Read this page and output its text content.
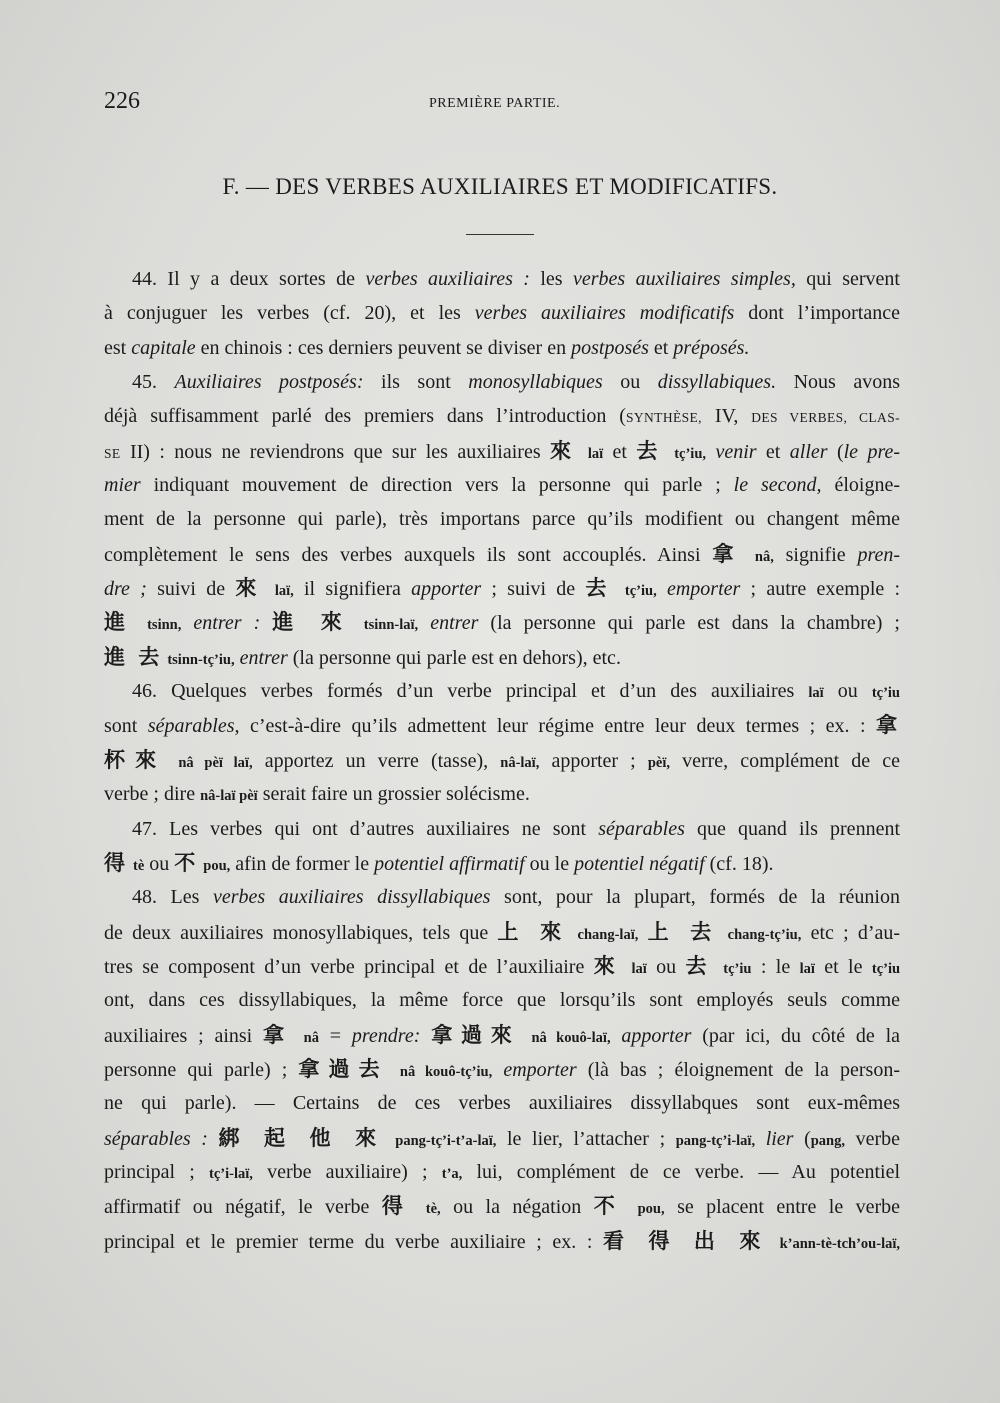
226	PREMIÈRE PARTIE.
F. — DES VERBES AUXILIAIRES ET MODIFICATIFS.
44. Il y a deux sortes de verbes auxiliaires : les verbes auxiliaires simples, qui servent
à conjuguer les verbes (cf. 20), et les verbes auxiliaires modificatifs dont l’importance
est capitale en chinois : ces derniers peuvent se diviser en postposés et préposés.
45. Auxiliaires postposés: ils sont monosyllabiques ou dissyllabiques. Nous avons
déjà suffisamment parlé des premiers dans l’introduction (SYNTHÈSE, IV, DES VERBES, CLAS-
SE II) : nous ne reviendrons que sur les auxiliaires 來 laï et 去 tç’iu, venir et aller (le pre-
mier indiquant mouvement de direction vers la personne qui parle ; le second, éloigne-
ment de la personne qui parle), très importans parce qu’ils modifient ou changent même
complètement le sens des verbes auxquels ils sont accouplés. Ainsi 拿 nâ, signifie pren-
dre ; suivi de 來 laï, il signifiera apporter ; suivi de 去 tç’iu, emporter ; autre exemple :
進 tsinn, entrer : 進 來 tsinn-laï, entrer (la personne qui parle est dans la chambre) ;
進 去 tsinn-tç’iu, entrer (la personne qui parle est en dehors), etc.
46. Quelques verbes formés d’un verbe principal et d’un des auxiliaires laï ou tç’iu
sont séparables, c’est-à-dire qu’ils admettent leur régime entre leur deux termes ; ex. : 拿
杯來 nâ pèï laï, apportez un verre (tasse), nâ-laï, apporter ; pèï, verre, complément de ce
verbe ; dire nâ-laï pèï serait faire un grossier solécisme.
47. Les verbes qui ont d’autres auxiliaires ne sont séparables que quand ils prennent
得 tè ou 不 pou, afin de former le potentiel affirmatif ou le potentiel négatif (cf. 18).
48. Les verbes auxiliaires dissyllabiques sont, pour la plupart, formés de la réunion
de deux auxiliaires monosyllabiques, tels que 上 來 chang-laï, 上 去 chang-tç’iu, etc ; d’au-
tres se composent d’un verbe principal et de l’auxiliaire 來 laï ou 去 tç’iu : le laï et le tç’iu
ont, dans ces dissyllabiques, la même force que lorsqu’ils sont employés seuls comme
auxiliaires ; ainsi 拿 nâ = prendre: 拿過來 nâ kouô-laï, apporter (par ici, du côté de la
personne qui parle) ; 拿過去 nâ kouô-tç’iu, emporter (là bas ; éloignement de la person-
ne qui parle). — Certains de ces verbes auxiliaires dissyllabques sont eux-mêmes
séparables : 綁 起 他 來 pang-tç’i-t’a-laï, le lier, l’attacher ; pang-tç’i-laï, lier (pang, verbe
principal ; tç’i-laï, verbe auxiliaire) ; t’a, lui, complément de ce verbe. — Au potentiel
affirmatif ou négatif, le verbe 得 tè, ou la négation 不 pou, se placent entre le verbe
principal et le premier terme du verbe auxiliaire ; ex. : 看 得 出 來 k’ann-tè-tch’ou-laï,
